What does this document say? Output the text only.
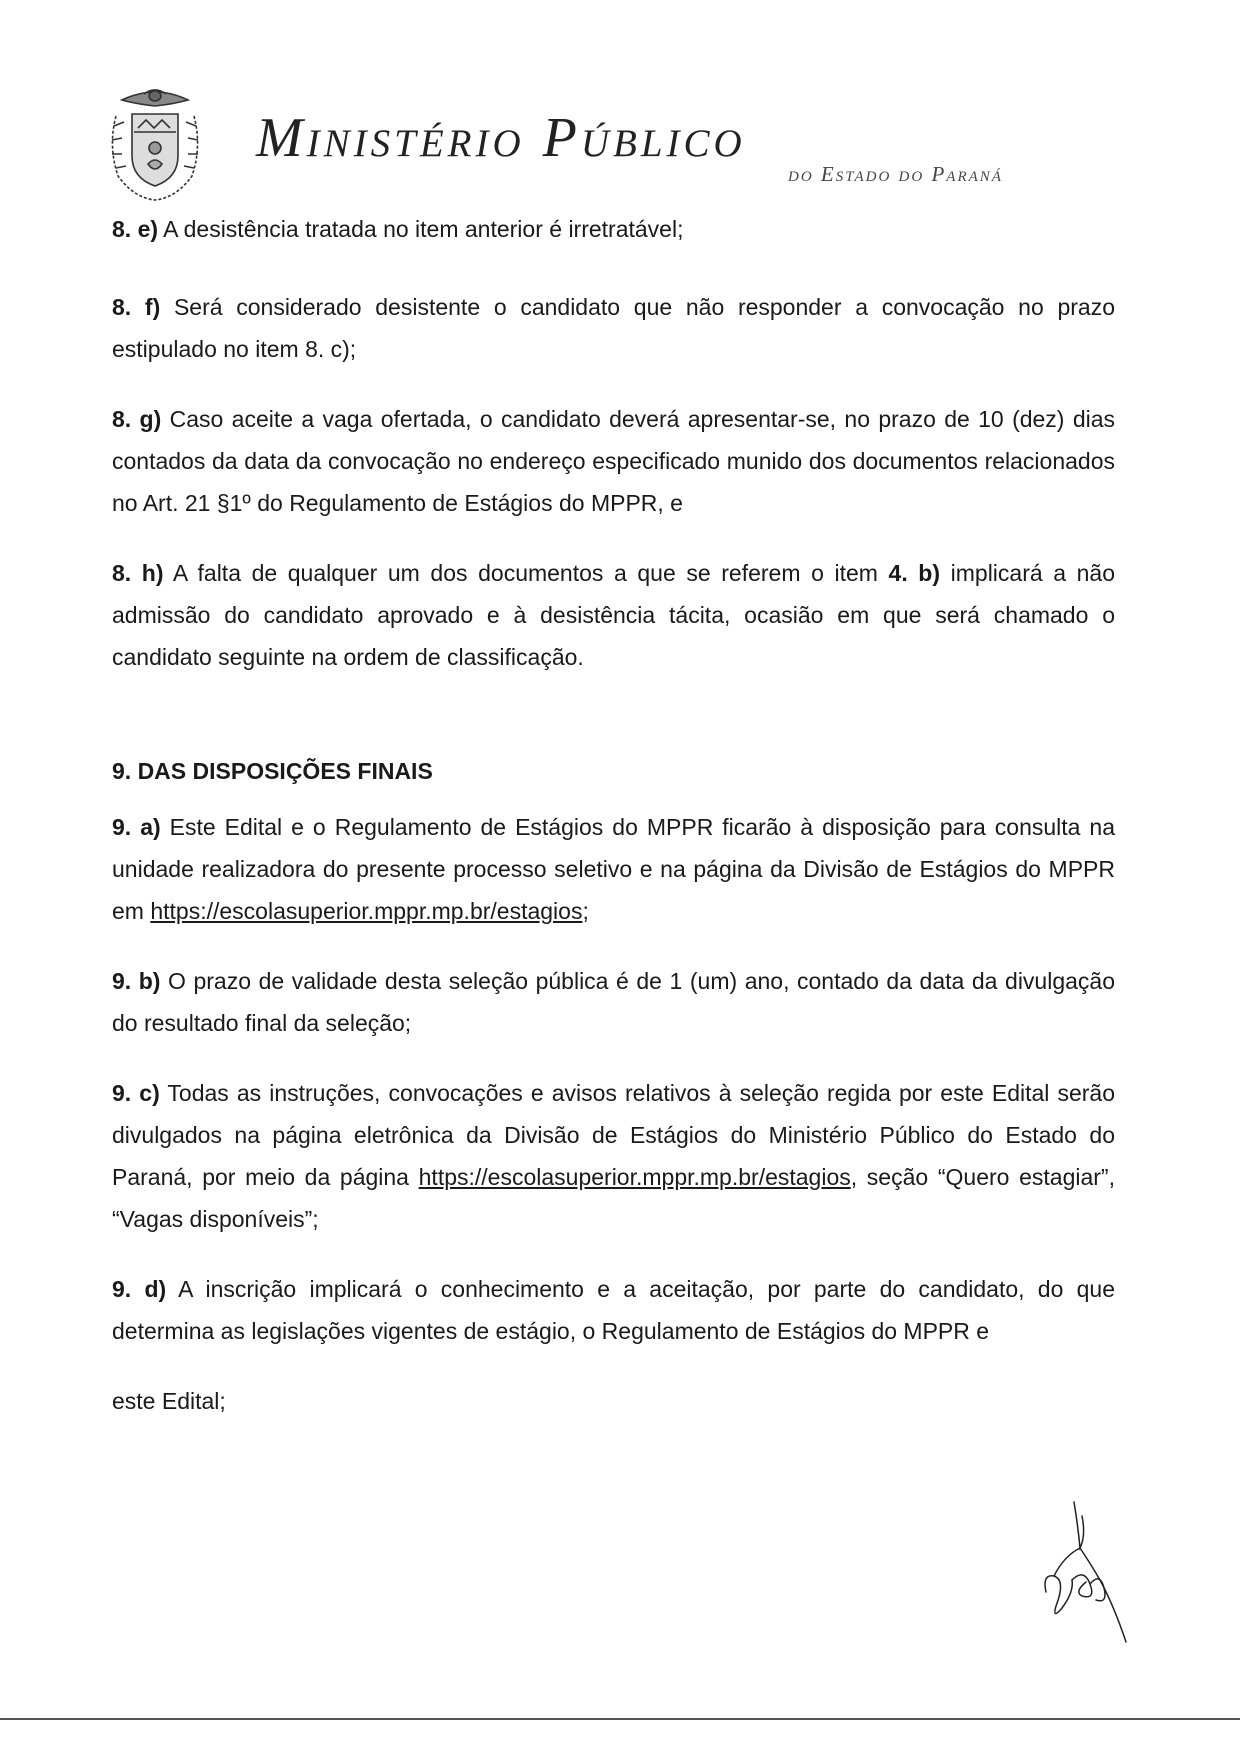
Ministério Público
do Estado do Paraná

8. e) A desistência tratada no item anterior é irretratável;

8. f) Será considerado desistente o candidato que não responder a convocação no prazo estipulado no item 8. c);

8. g) Caso aceite a vaga ofertada, o candidato deverá apresentar-se, no prazo de 10 (dez) dias contados da data da convocação no endereço especificado munido dos documentos relacionados no Art. 21 §1º do Regulamento de Estágios do MPPR, e

8. h) A falta de qualquer um dos documentos a que se referem o item 4. b) implicará a não admissão do candidato aprovado e à desistência tácita, ocasião em que será chamado o candidato seguinte na ordem de classificação.

9. DAS DISPOSIÇÕES FINAIS

9. a) Este Edital e o Regulamento de Estágios do MPPR ficarão à disposição para consulta na unidade realizadora do presente processo seletivo e na página da Divisão de Estágios do MPPR em https://escolasuperior.mppr.mp.br/estagios;

9. b) O prazo de validade desta seleção pública é de 1 (um) ano, contado da data da divulgação do resultado final da seleção;

9. c) Todas as instruções, convocações e avisos relativos à seleção regida por este Edital serão divulgados na página eletrônica da Divisão de Estágios do Ministério Público do Estado do Paraná, por meio da página https://escolasuperior.mppr.mp.br/estagios, seção “Quero estagiar”, “Vagas disponíveis”;

9. d) A inscrição implicará o conhecimento e a aceitação, por parte do candidato, do que determina as legislações vigentes de estágio, o Regulamento de Estágios do MPPR e

este Edital;
